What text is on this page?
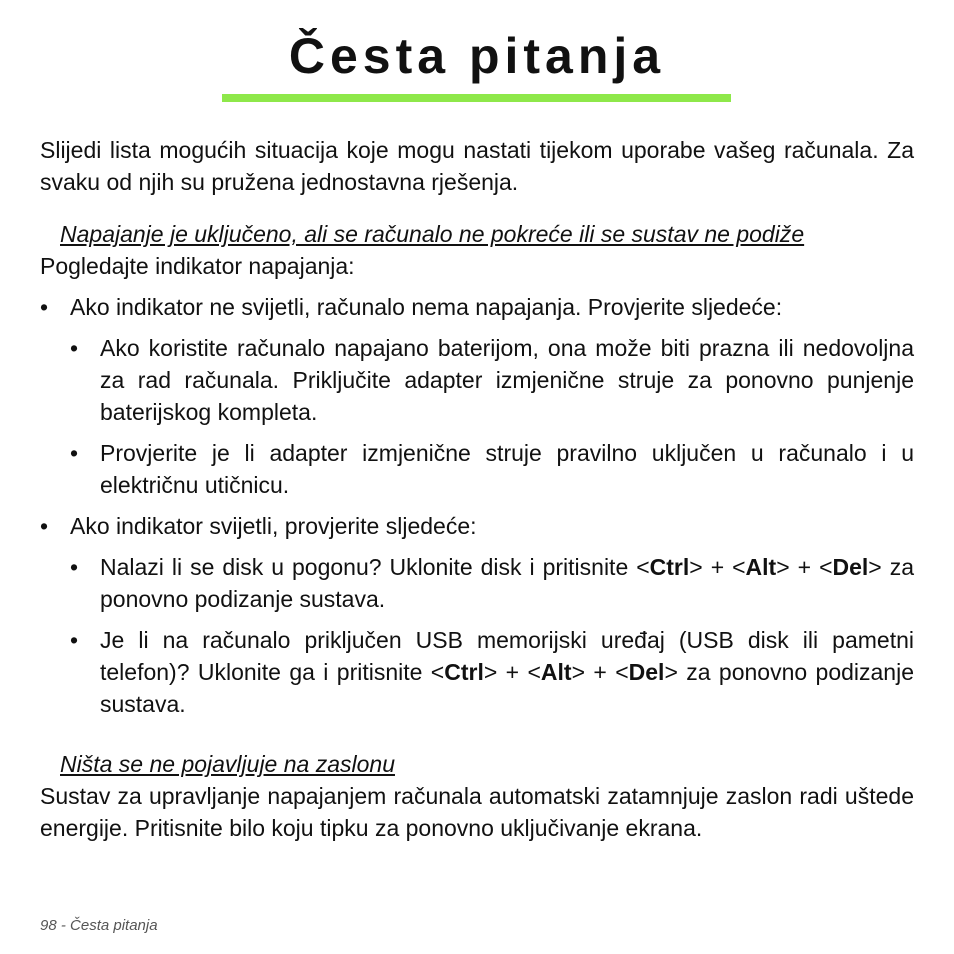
Česta pitanja

Slijedi lista mogućih situacija koje mogu nastati tijekom uporabe vašeg računala. Za svaku od njih su pružena jednostavna rješenja.

Napajanje je uključeno, ali se računalo ne pokreće ili se sustav ne podiže

Pogledajte indikator napajanja:

• Ako indikator ne svijetli, računalo nema napajanja. Provjerite sljedeće:
• Ako koristite računalo napajano baterijom, ona može biti prazna ili nedovoljna za rad računala. Priključite adapter izmjenične struje za ponovno punjenje baterijskog kompleta.
• Provjerite je li adapter izmjenične struje pravilno uključen u računalo i u električnu utičnicu.
• Ako indikator svijetli, provjerite sljedeće:
• Nalazi li se disk u pogonu? Uklonite disk i pritisnite <Ctrl> + <Alt> + <Del> za ponovno podizanje sustava.
• Je li na računalo priključen USB memorijski uređaj (USB disk ili pametni telefon)? Uklonite ga i pritisnite <Ctrl> + <Alt> + <Del> za ponovno podizanje sustava.

Ništa se ne pojavljuje na zaslonu

Sustav za upravljanje napajanjem računala automatski zatamnjuje zaslon radi uštede energije. Pritisnite bilo koju tipku za ponovno uključivanje ekrana.

98 - Česta pitanja
